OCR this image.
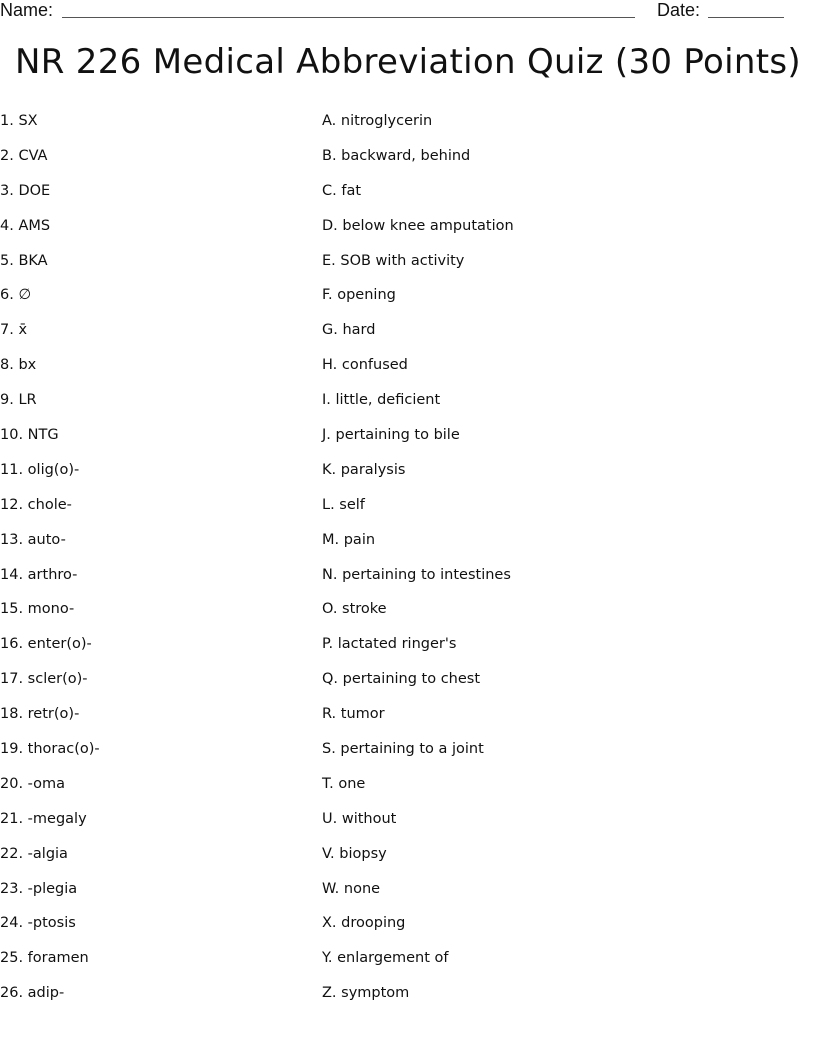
Name:	Date:
NR 226 Medical Abbreviation Quiz (30 Points)
1. SX
2. CVA
3. DOE
4. AMS
5. BKA
6. ∅
7. x̄
8. bx
9. LR
10. NTG
11. olig(o)-
12. chole-
13. auto-
14. arthro-
15. mono-
16. enter(o)-
17. scler(o)-
18. retr(o)-
19. thorac(o)-
20. -oma
21. -megaly
22. -algia
23. -plegia
24. -ptosis
25. foramen
26. adip-
A. nitroglycerin
B. backward, behind
C. fat
D. below knee amputation
E. SOB with activity
F. opening
G. hard
H. confused
I. little, deficient
J. pertaining to bile
K. paralysis
L. self
M. pain
N. pertaining to intestines
O. stroke
P. lactated ringer's
Q. pertaining to chest
R. tumor
S. pertaining to a joint
T. one
U. without
V. biopsy
W. none
X. drooping
Y. enlargement of
Z. symptom
